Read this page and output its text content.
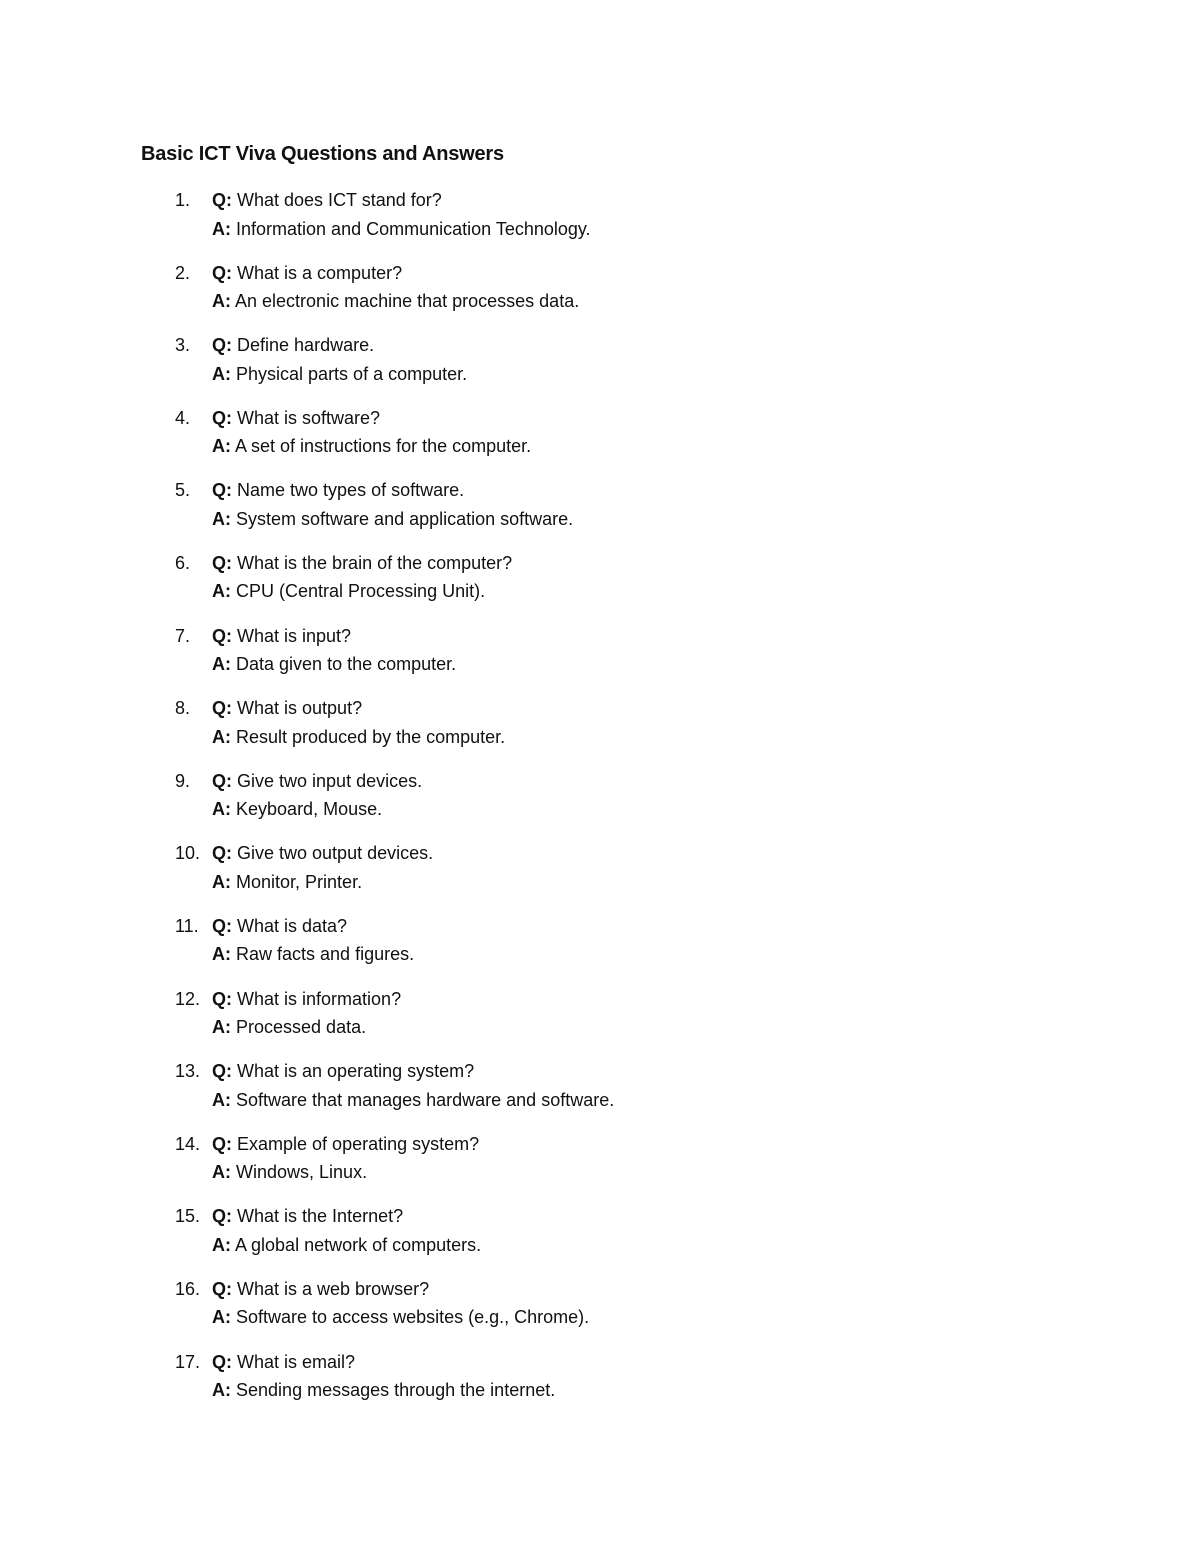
Basic ICT Viva Questions and Answers
1.	Q: What does ICT stand for?
A: Information and Communication Technology.
2.	Q: What is a computer?
A: An electronic machine that processes data.
3.	Q: Define hardware.
A: Physical parts of a computer.
4.	Q: What is software?
A: A set of instructions for the computer.
5.	Q: Name two types of software.
A: System software and application software.
6.	Q: What is the brain of the computer?
A: CPU (Central Processing Unit).
7.	Q: What is input?
A: Data given to the computer.
8.	Q: What is output?
A: Result produced by the computer.
9.	Q: Give two input devices.
A: Keyboard, Mouse.
10. Q: Give two output devices.
A: Monitor, Printer.
11. Q: What is data?
A: Raw facts and figures.
12. Q: What is information?
A: Processed data.
13. Q: What is an operating system?
A: Software that manages hardware and software.
14. Q: Example of operating system?
A: Windows, Linux.
15. Q: What is the Internet?
A: A global network of computers.
16. Q: What is a web browser?
A: Software to access websites (e.g., Chrome).
17. Q: What is email?
A: Sending messages through the internet.
